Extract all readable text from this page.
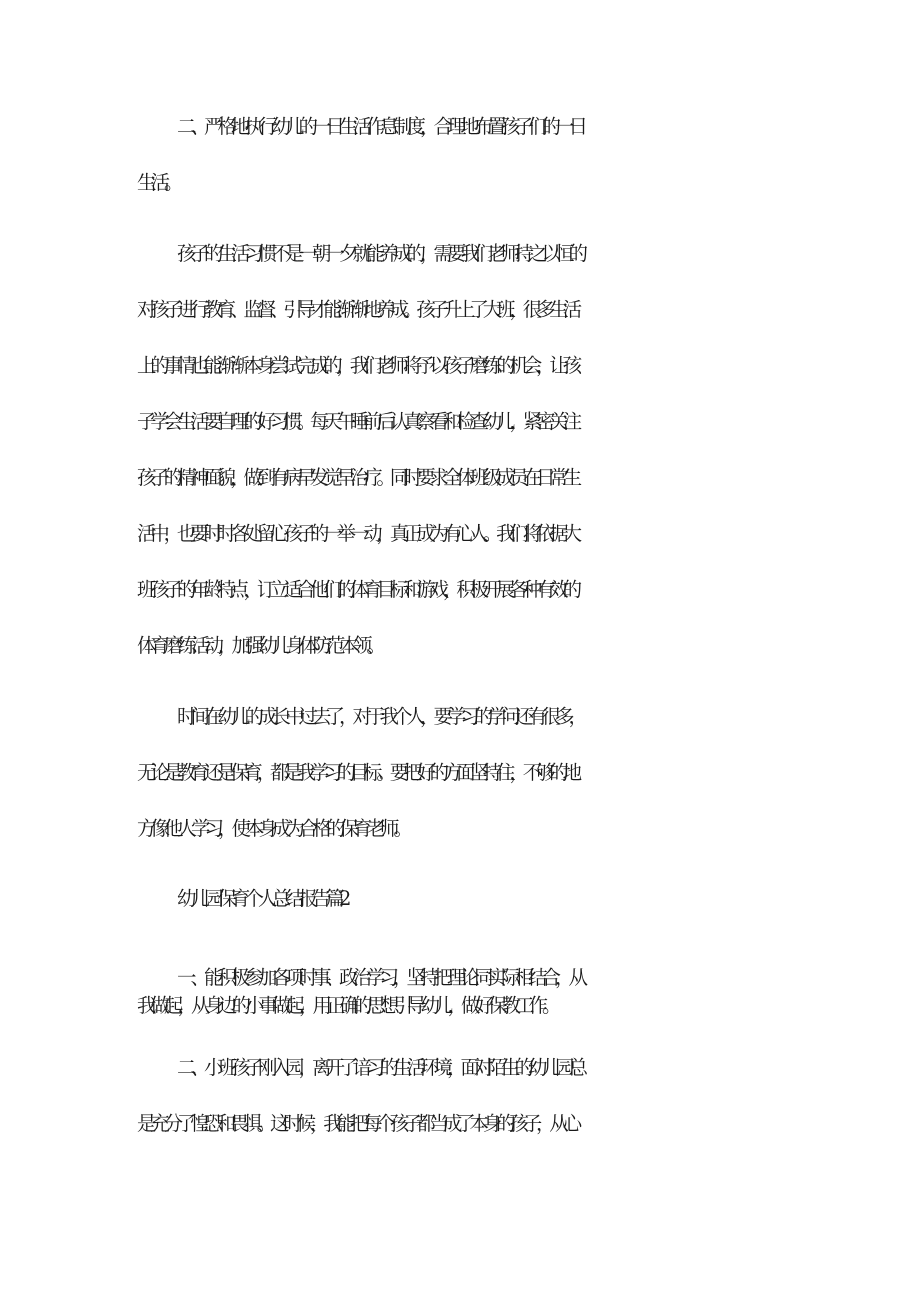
二、严格地执行幼儿的一日生活作息制度，合理地布置孩子们的一日
生活。
孩子的生活习惯不是一朝一夕就能养成的，需要我们老师持之以恒的
对孩子进行教育、监督、引导才能渐渐地养成。孩子升上了大班，很多生活
上的事情也能渐渐本身尝试完成的，我们老师将予以孩子磨练的机会，让孩
子学会生活要自理的好习惯。每天午睡前后认真察看和检查幼儿，紧密关注
孩子的精神面貌，做到有病早发觉早治疗。同时要求全体班级成员在日常生
活中，也要时时各处留心孩子的一举一动，真正成为有心人。我们将依据大
班孩子的年龄特点，订立适合他们的体育目标和游戏，积极开展各种有效的
体育磨练活动，加强幼儿身体防范本领。
时间在幼儿的成长中过去了，对于我个人，要学习的学问还有很多，
无论是教育还是保育，都是我学习的目标。要把好的方面坚持住，不够的地
方像他人学习，使本身成为合格的保育老师。
幼儿园保育个人总结报告篇2
一、能积极参加各项时事、政治学习，坚持把理论同实际相结合，从
我做起，从身边的小事做起，用正确的思想引导幼儿，做好保教工作。
二、小班孩子刚入园，离开了谙习的生活环境，面对陌生的幼儿园总
是充分了惶恐和畏惧。这时候，我能把每个孩子都当成了本身的孩子，从心
